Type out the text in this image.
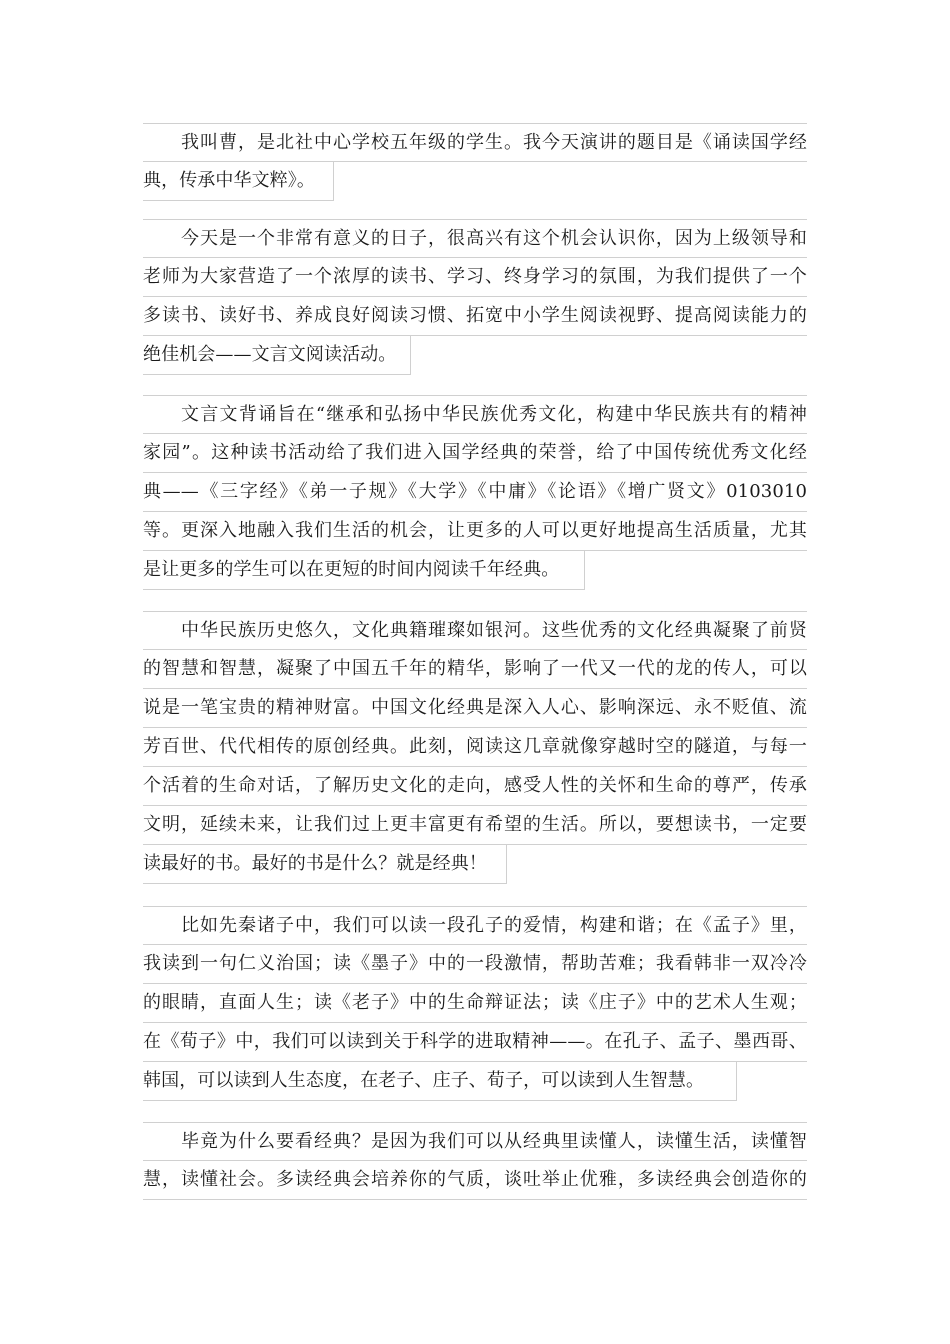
我叫曹，是北社中心学校五年级的学生。我今天演讲的题目是《诵读国学经
典，传承中华文粹》。
今天是一个非常有意义的日子，很高兴有这个机会认识你，因为上级领导和
老师为大家营造了一个浓厚的读书、学习、终身学习的氛围，为我们提供了一个
多读书、读好书、养成良好阅读习惯、拓宽中小学生阅读视野、提高阅读能力的
绝佳机会——文言文阅读活动。
文言文背诵旨在“继承和弘扬中华民族优秀文化，构建中华民族共有的精神
家园”。这种读书活动给了我们进入国学经典的荣誉，给了中国传统优秀文化经
典——《三字经》《弟一子规》《大学》《中庸》《论语》《增广贤文》0103010
等。更深入地融入我们生活的机会，让更多的人可以更好地提高生活质量，尤其
是让更多的学生可以在更短的时间内阅读千年经典。
中华民族历史悠久，文化典籍璀璨如银河。这些优秀的文化经典凝聚了前贤
的智慧和智慧，凝聚了中国五千年的精华，影响了一代又一代的龙的传人，可以
说是一笔宝贵的精神财富。中国文化经典是深入人心、影响深远、永不贬值、流
芳百世、代代相传的原创经典。此刻，阅读这几章就像穿越时空的隧道，与每一
个活着的生命对话，了解历史文化的走向，感受人性的关怀和生命的尊严，传承
文明，延续未来，让我们过上更丰富更有希望的生活。所以，要想读书，一定要
读最好的书。最好的书是什么？就是经典！
比如先秦诸子中，我们可以读一段孔子的爱情，构建和谐；在《孟子》里，
我读到一句仁义治国；读《墨子》中的一段激情，帮助苦难；我看韩非一双冷冷
的眼睛，直面人生；读《老子》中的生命辩证法；读《庄子》中的艺术人生观；
在《荀子》中，我们可以读到关于科学的进取精神——。在孔子、孟子、墨西哥、
韩国，可以读到人生态度，在老子、庄子、荀子，可以读到人生智慧。
毕竟为什么要看经典？是因为我们可以从经典里读懂人，读懂生活，读懂智
慧，读懂社会。多读经典会培养你的气质，谈吐举止优雅，多读经典会创造你的
